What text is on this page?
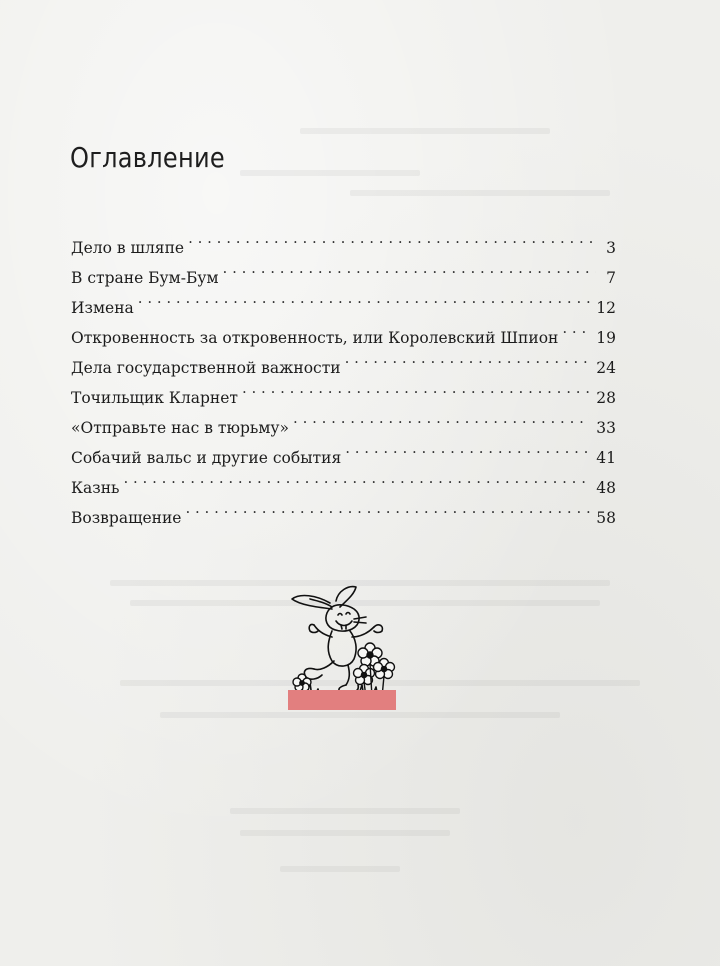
Оглавление
Дело в шляпе . . .	3
В стране Бум-Бум . . .	7
Измена . . .	12
Откровенность за откровенность, или Королевский Шпион . . .	19
Дела государственной важности . . .	24
Точильщик Кларнет . . .	28
«Отправьте нас в тюрьму» . . .	33
Собачий вальс и другие события . . .	41
Казнь . . .	48
Возвращение . . .	58
